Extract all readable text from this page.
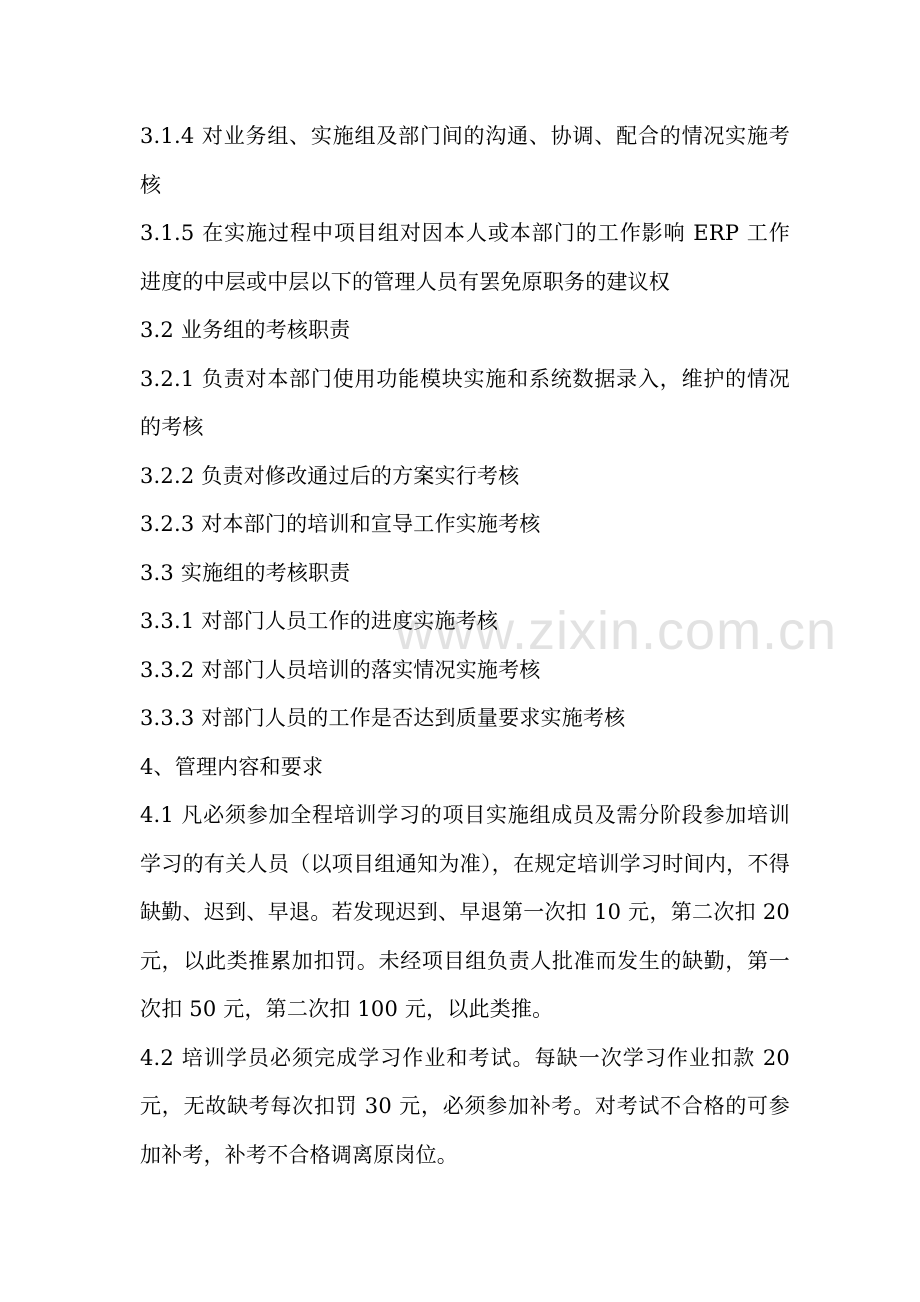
www.zixin.com.cn

3.1.4 对业务组、实施组及部门间的沟通、协调、配合的情况实施考核

3.1.5 在实施过程中项目组对因本人或本部门的工作影响 ERP 工作进度的中层或中层以下的管理人员有罢免原职务的建议权

3.2 业务组的考核职责

3.2.1 负责对本部门使用功能模块实施和系统数据录入，维护的情况的考核

3.2.2 负责对修改通过后的方案实行考核

3.2.3 对本部门的培训和宣导工作实施考核

3.3 实施组的考核职责

3.3.1 对部门人员工作的进度实施考核

3.3.2 对部门人员培训的落实情况实施考核

3.3.3 对部门人员的工作是否达到质量要求实施考核

4、管理内容和要求

4.1 凡必须参加全程培训学习的项目实施组成员及需分阶段参加培训学习的有关人员（以项目组通知为准），在规定培训学习时间内，不得缺勤、迟到、早退。若发现迟到、早退第一次扣 10 元，第二次扣 20 元，以此类推累加扣罚。未经项目组负责人批准而发生的缺勤，第一次扣 50 元，第二次扣 100 元，以此类推。

4.2 培训学员必须完成学习作业和考试。每缺一次学习作业扣款 20 元，无故缺考每次扣罚 30 元，必须参加补考。对考试不合格的可参加补考，补考不合格调离原岗位。
